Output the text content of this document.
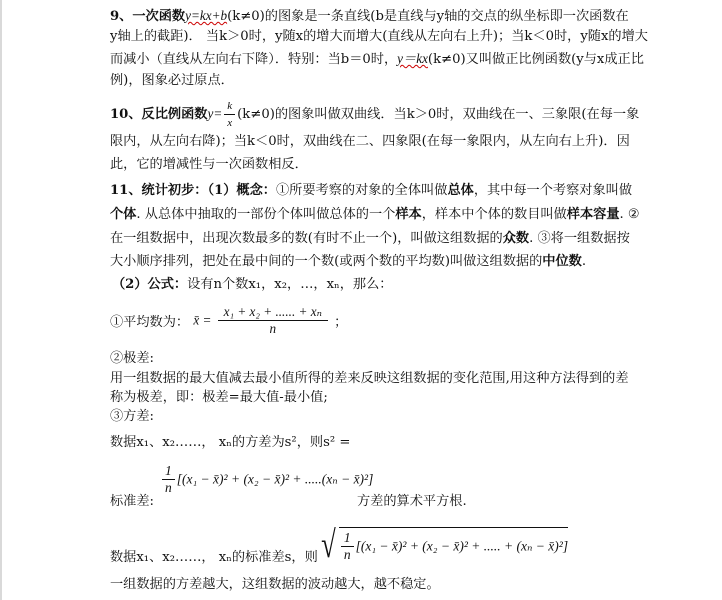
9、一次函数y=kx+b(k≠0)的图象是一条直线(b是直线与y轴的交点的纵坐标即一次函数在
y轴上的截距)． 当k＞0时，y随x的增大而增大(直线从左向右上升)；当k＜0时，y随x的增大
而减小（直线从左向右下降）．特别：当b＝0时，y＝kx(k≠0)又叫做正比例函数(y与x成正比
例)，图象必过原点．
10、反比例函数$y= \frac{k}{x} (k\ne 0)$的图象叫做双曲线．当k＞0时，双曲线在一、三象限(在每一象
限内，从左向右降)；当k＜0时，双曲线在二、四象限(在每一象限内，从左向右上升)．因
此，它的增减性与一次函数相反．
11、统计初步：（1）概念：①所要考察的对象的全体叫做总体，其中每一个考察对象叫做
个体. 从总体中抽取的一部份个体叫做总体的一个样本，样本中个体的数目叫做样本容量. ②
在一组数据中，出现次数最多的数(有时不止一个)，叫做这组数据的众数. ③将一组数据按
大小顺序排列，把处在最中间的一个数(或两个数的平均数)叫做这组数据的中位数.
（2）公式：设有n个数x₁，x₂，…，xₙ，那么：
①平均数为： x̄ = $\frac{\text{x₁ + x₂ + ...... + xₙ}}{n}$ ；
②极差:
用一组数据的最大值减去最小值所得的差来反映这组数据的变化范围,用这种方法得到的差
称为极差，即：极差=最大值-最小值;
③方差:
数据x₁、x₂……， xₙ的方差为s²，则s² =
$\frac{1}{n} [(x_1$ − x̄)² + (x₂ − x̄)² + .....(xₙ − x̄)²]
标准差:	方差的算术平方根.
数据x₁、x₂……， xₙ的标准差s，则 √ $\frac{1}{n} [(x_1$ − x̄)² + (x₂ − x̄)² + ..... + (xₙ − x̄)²]
一组数据的方差越大，这组数据的波动越大，越不稳定。
